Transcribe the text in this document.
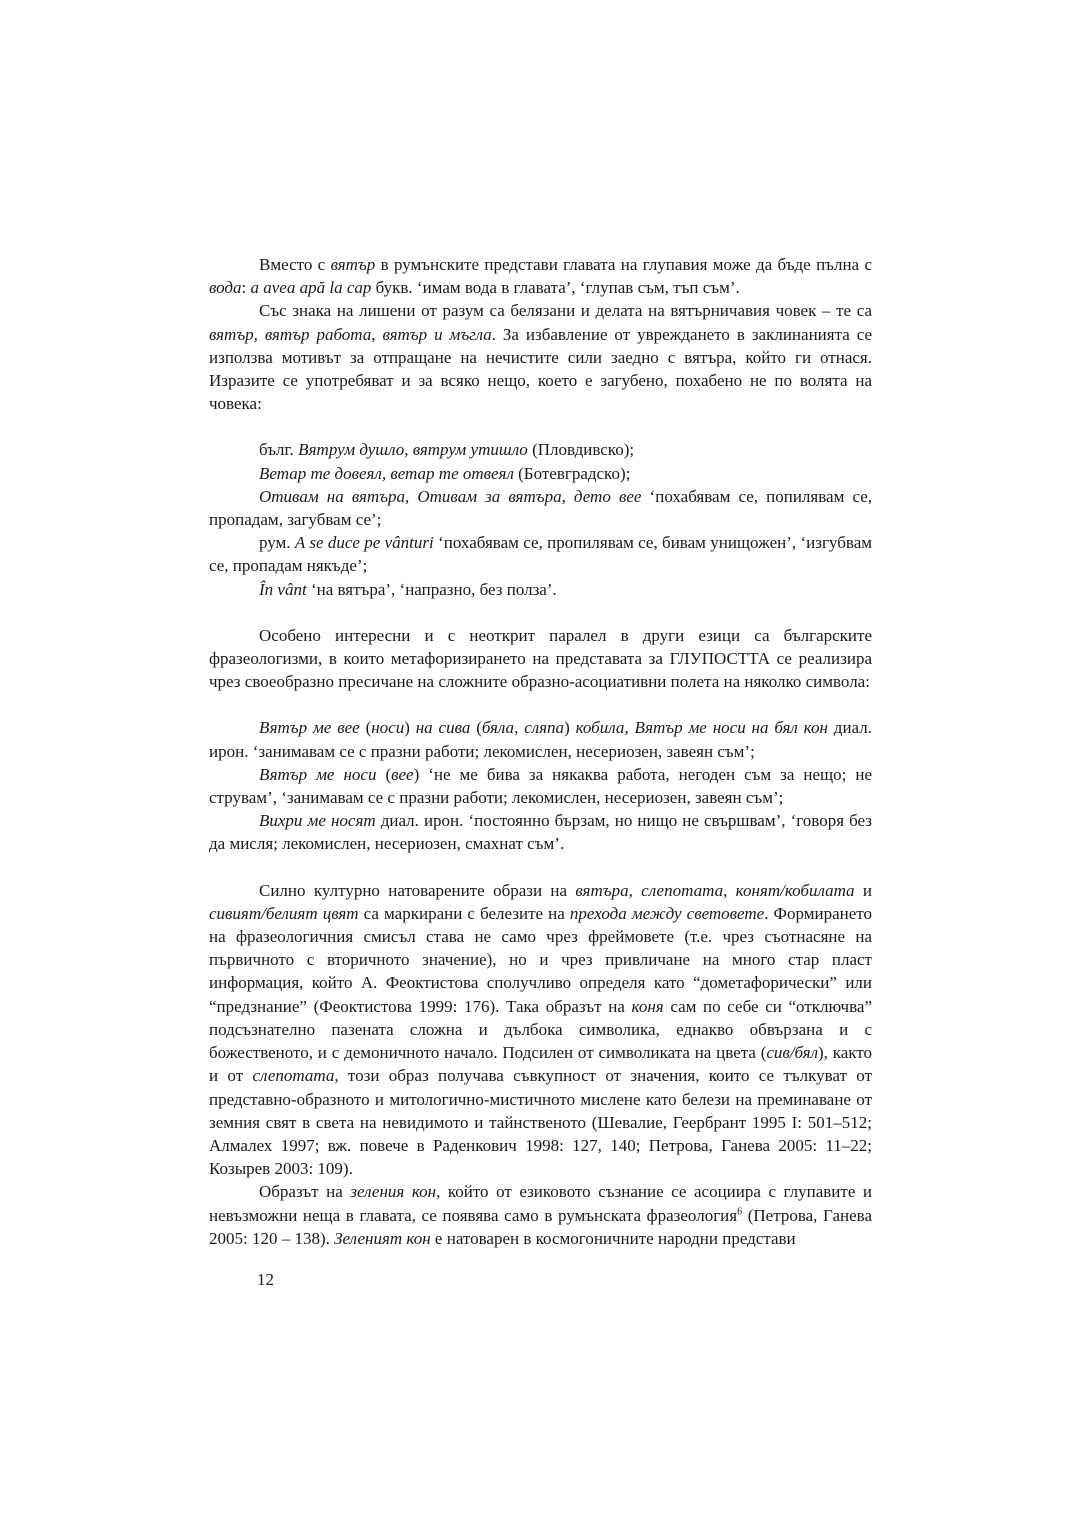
Вместо с вятър в румънските представи главата на глупавия може да бъде пълна с вода: a avea apă la cap букв. ‘имам вода в главата’, ‘глупав съм, тъп съм’.

Със знака на лишени от разум са белязани и делата на вятърничавия човек – те са вятър, вятър работа, вятър и мъгла. За избавление от увреждането в заклинанията се използва мотивът за отпращане на нечистите сили заедно с вятъра, който ги отнася. Изразите се употребяват и за всяко нещо, което е загубено, похабено не по волята на човека:

бълг. Вятрум душло, вятрум утишло (Пловдивско);

Ветар те довеял, ветар те отвеял (Ботевградско);

Отивам на вятъра, Отивам за вятъра, дето вее ‘похабявам се, попилявам се, пропадам, загубвам се’;

рум. A se duce pe vânturi ‘похабявам се, пропилявам се, бивам унищожен’, ‘изгубвам се, пропадам някъде’;

În vânt ‘на вятъра’, ‘напразно, без полза’.

Особено интересни и с неоткрит паралел в други езици са българските фразеологизми, в които метафоризирането на представата за ГЛУПОСТТА се реализира чрез своеобразно пресичане на сложните образно-асоциативни полета на няколко символа:

Вятър ме вее (носи) на сива (бяла, сляпа) кобила, Вятър ме носи на бял кон диал. ирон. ‘занимавам се с празни работи; лекомислен, несериозен, завеян съм’;

Вятър ме носи (вее) ‘не ме бива за някаква работа, негоден съм за нещо; не струвам’, ‘занимавам се с празни работи; лекомислен, несериозен, завеян съм’;

Вихри ме носят диал. ирон. ‘постоянно бързам, но нищо не свършвам’, ‘говоря без да мисля; лекомислен, несериозен, смахнат съм’.

Силно културно натоварените образи на вятъра, слепотата, конят/кобилата и сивият/белият цвят са маркирани с белезите на прехода между световете. Формирането на фразеологичния смисъл става не само чрез фреймовете (т.е. чрез съотнасяне на първичното с вторичното значение), но и чрез привличане на много стар пласт информация, който А. Феоктистова сполучливо определя като “дометафорически” или “предзнание” (Феоктистова 1999: 176). Така образът на коня сам по себе си “отключва” подсъзнателно пазената сложна и дълбока символика, еднакво обвързана и с божественото, и с демоничното начало. Подсилен от символиката на цвета (сив/бял), както и от слепотата, този образ получава съвкупност от значения, които се тълкуват от представно-образното и митологично-мистичното мислене като белези на преминаване от земния свят в света на невидимото и тайнственото (Шевалие, Геербрант 1995 I: 501–512; Алмалех 1997; вж. повече в Раденкович 1998: 127, 140; Петрова, Ганева 2005: 11–22; Козырев 2003: 109).

Образът на зеления кон, който от езиковото съзнание се асоциира с глупавите и невъзможни неща в главата, се появява само в румънската фразеология$^6$ (Петрова, Ганева 2005: 120 – 138). Зеленият кон е натоварен в космогоничните народни представи

12
